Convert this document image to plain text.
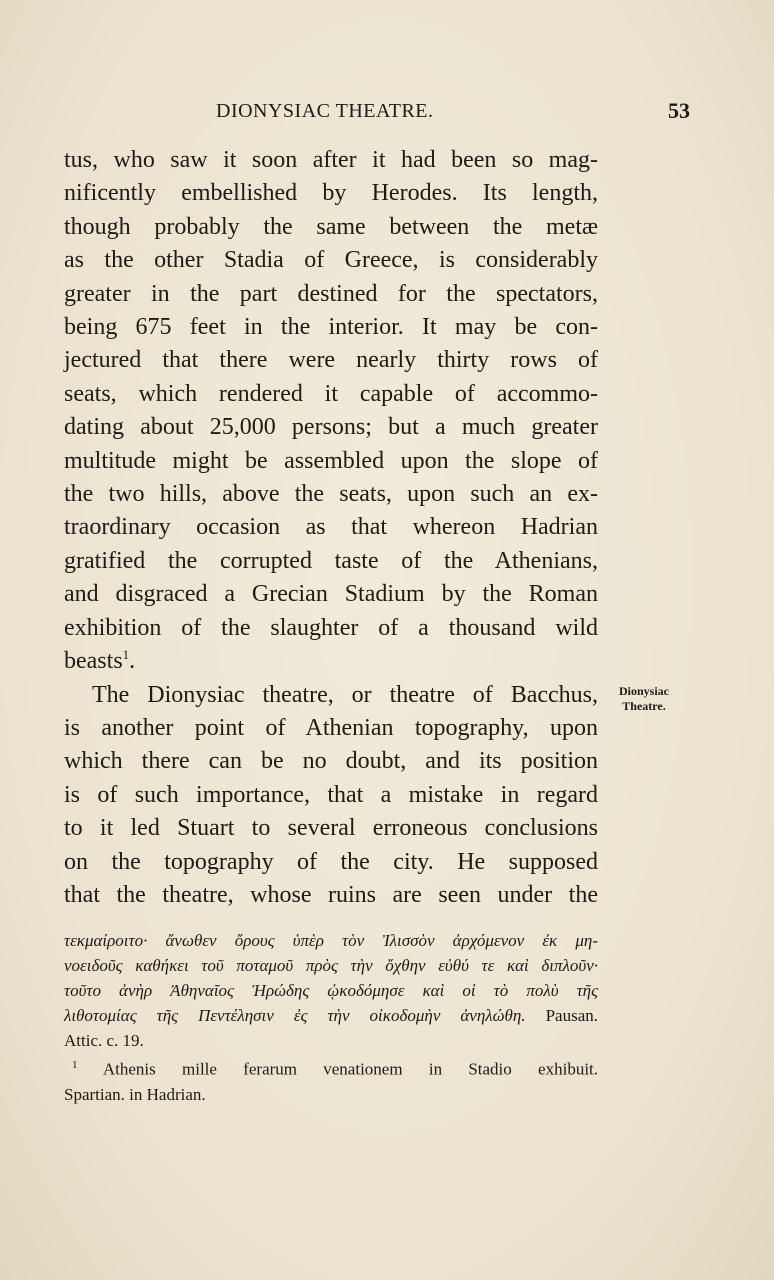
DIONYSIAC THEATRE.	53

tus, who saw it soon after it had been so mag-

nificently embellished by Herodes. Its length,

though probably the same between the metæ

as the other Stadia of Greece, is considerably

greater in the part destined for the spectators,

being 675 feet in the interior. It may be con-

jectured that there were nearly thirty rows of

seats, which rendered it capable of accommo-

dating about 25,000 persons; but a much greater

multitude might be assembled upon the slope of

the two hills, above the seats, upon such an ex-

traordinary occasion as that whereon Hadrian

gratified the corrupted taste of the Athenians,

and disgraced a Grecian Stadium by the Roman

exhibition of the slaughter of a thousand wild

beasts$^1$.

The Dionysiac theatre, or theatre of Bacchus,

is another point of Athenian topography, upon

which there can be no doubt, and its position

is of such importance, that a mistake in regard

to it led Stuart to several erroneous conclusions

on the topography of the city. He supposed

that the theatre, whose ruins are seen under the

Dionysiac
Theatre.

τεκμαίροιτο· ἄνωθεν ὄρους ὑπὲρ τὸν Ἰλισσὸν ἀρχόμενον ἐκ μη-

νοειδοῦς καθήκει τοῦ ποταμοῦ πρὸς τὴν ὄχθην εὐθύ τε καὶ διπλοῦν·

τοῦτο ἀνὴρ Ἀθηναῖος Ἡρώδης ᾠκοδόμησε καὶ οἱ τὸ πολὺ τῆς

λιθοτομίας τῆς Πεντέλησιν ἐς τὴν οἰκοδομὴν ἀνηλώθη. Pausan.

Attic. c. 19.

$^1$ Athenis mille ferarum venationem in Stadio exhibuit.

Spartian. in Hadrian.
